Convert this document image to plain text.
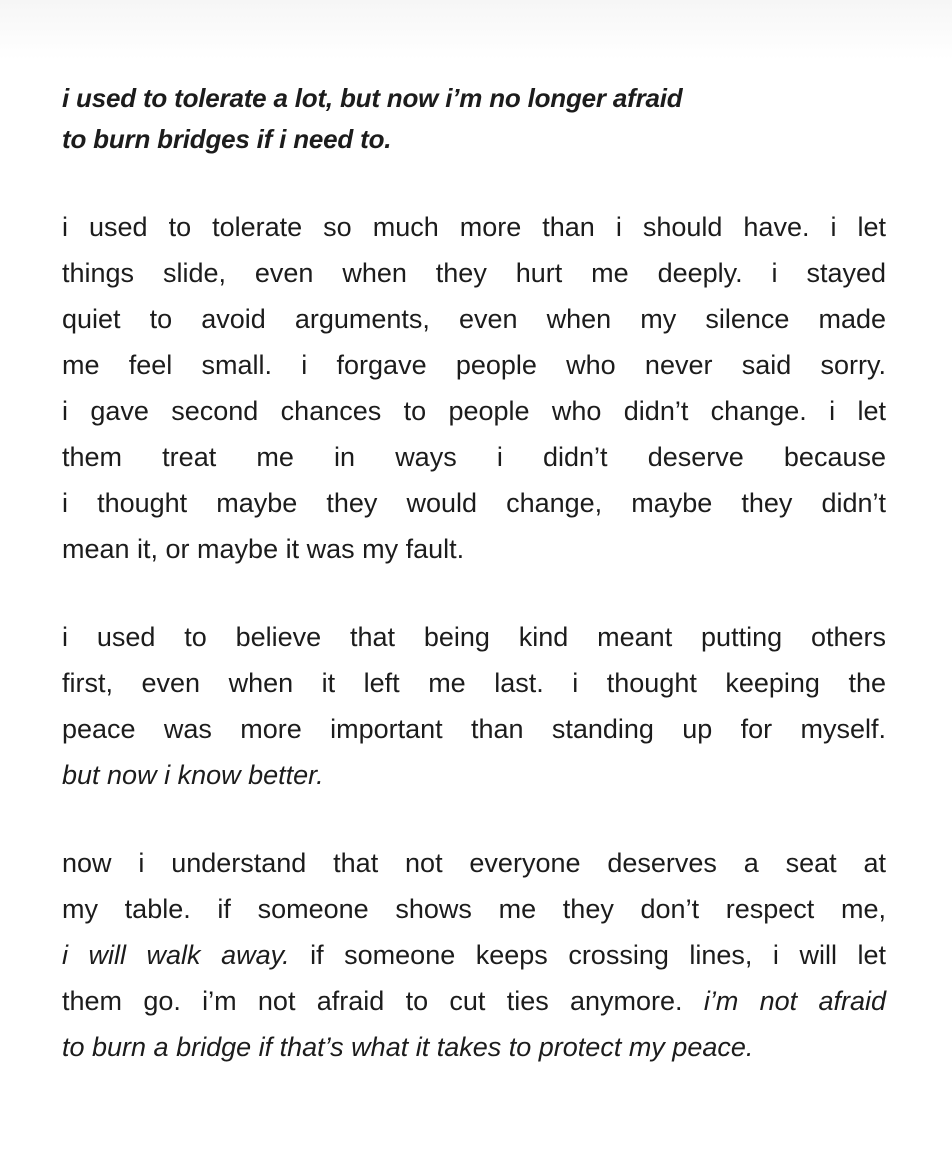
i used to tolerate a lot, but now i’m no longer afraid
to burn bridges if i need to.
i used to tolerate so much more than i should have. i let
things slide, even when they hurt me deeply. i stayed
quiet to avoid arguments, even when my silence made
me feel small. i forgave people who never said sorry.
i gave second chances to people who didn’t change. i let
them treat me in ways i didn’t deserve because
i thought maybe they would change, maybe they didn’t
mean it, or maybe it was my fault.
i used to believe that being kind meant putting others
first, even when it left me last. i thought keeping the
peace was more important than standing up for myself.
but now i know better.
now i understand that not everyone deserves a seat at
my table. if someone shows me they don’t respect me,
i will walk away. if someone keeps crossing lines, i will let
them go. i’m not afraid to cut ties anymore. i’m not afraid
to burn a bridge if that’s what it takes to protect my peace.
